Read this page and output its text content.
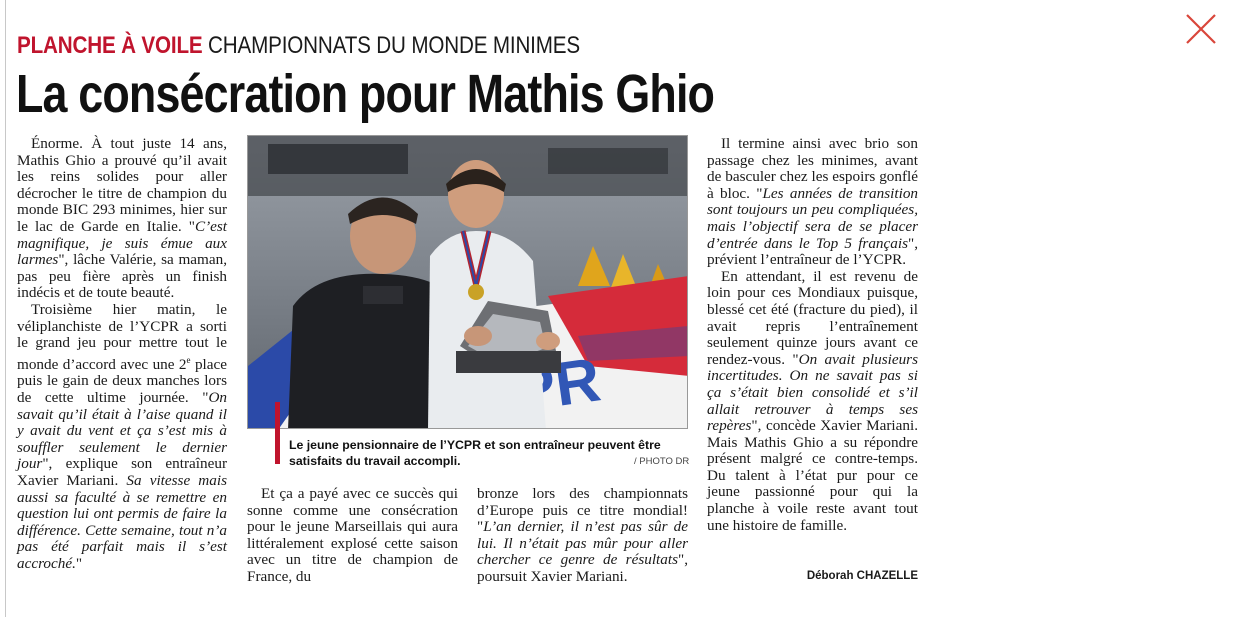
PLANCHE À VOILE CHAMPIONNATS DU MONDE MINIMES
La consécration pour Mathis Ghio

Énorme. À tout juste 14 ans, Mathis Ghio a prouvé qu’il avait les reins solides pour aller décrocher le titre de champion du monde BIC 293 minimes, hier sur le lac de Garde en Italie. "C’est magnifique, je suis émue aux larmes", lâche Valérie, sa maman, pas peu fière après un finish indécis et de toute beauté.

Troisième hier matin, le véliplanchiste de l’YCPR a sorti le grand jeu pour mettre tout le monde d’accord avec une 2e place puis le gain de deux manches lors de cette ultime journée. "On savait qu’il était à l’aise quand il y avait du vent et ça s’est mis à souffler seulement le dernier jour", explique son entraîneur Xavier Mariani. Sa vitesse mais aussi sa faculté à se remettre en question lui ont permis de faire la différence. Cette semaine, tout n’a pas été parfait mais il s’est accroché."

Le jeune pensionnaire de l’YCPR et son entraîneur peuvent être satisfaits du travail accompli.	/ PHOTO DR

Et ça a payé avec ce succès qui sonne comme une consécration pour le jeune Marseillais qui aura littéralement explosé cette saison avec un titre de champion de France, du

bronze lors des championnats d’Europe puis ce titre mondial! "L’an dernier, il n’est pas sûr de lui. Il n’était pas mûr pour aller chercher ce genre de résultats", poursuit Xavier Mariani.

Il termine ainsi avec brio son passage chez les minimes, avant de basculer chez les espoirs gonflé à bloc. "Les années de transition sont toujours un peu compliquées, mais l’objectif sera de se placer d’entrée dans le Top 5 français", prévient l’entraîneur de l’YCPR.

En attendant, il est revenu de loin pour ces Mondiaux puisque, blessé cet été (fracture du pied), il avait repris l’entraînement seulement quinze jours avant ce rendez-vous. "On avait plusieurs incertitudes. On ne savait pas si ça s’était bien consolidé et s’il allait retrouver à temps ses repères", concède Xavier Mariani. Mais Mathis Ghio a su répondre présent malgré ce contre-temps. Du talent à l’état pur pour ce jeune passionné pour qui la planche à voile reste avant tout une histoire de famille.

Déborah CHAZELLE
